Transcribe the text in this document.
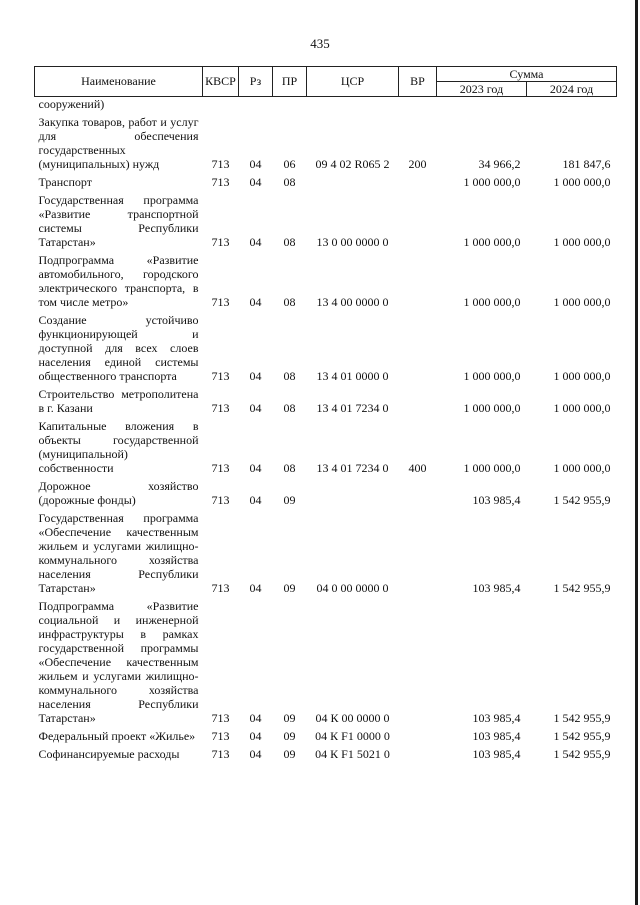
435
Наименование	КВСР	Рз	ПР	ЦСР	ВР	Сумма	
						2023 год	2024 год
сооружений)							
Закупка товаров, работ и услуг для обеспечения государственных (муниципальных) нужд	713	04	06	09 4 02 R065 2	200	34 966,2	181 847,6
Транспорт	713	04	08			1 000 000,0	1 000 000,0
Государственная программа «Развитие транспортной системы Республики Татарстан»	713	04	08	13 0 00 0000 0		1 000 000,0	1 000 000,0
Подпрограмма «Развитие автомобильного, городского электрического транспорта, в том числе метро»	713	04	08	13 4 00 0000 0		1 000 000,0	1 000 000,0
Создание устойчиво функционирующей и доступной для всех слоев населения единой системы общественного транспорта	713	04	08	13 4 01 0000 0		1 000 000,0	1 000 000,0
Строительство метрополитена в г. Казани	713	04	08	13 4 01 7234 0		1 000 000,0	1 000 000,0
Капитальные вложения в объекты государственной (муниципальной) собственности	713	04	08	13 4 01 7234 0	400	1 000 000,0	1 000 000,0
Дорожное хозяйство (дорожные фонды)	713	04	09			103 985,4	1 542 955,9
Государственная программа «Обеспечение качественным жильем и услугами жилищно-коммунального хозяйства населения Республики Татарстан»	713	04	09	04 0 00 0000 0		103 985,4	1 542 955,9
Подпрограмма «Развитие социальной и инженерной инфраструктуры в рамках государственной программы «Обеспечение качественным жильем и услугами жилищно-коммунального хозяйства населения Республики Татарстан»	713	04	09	04 К 00 0000 0		103 985,4	1 542 955,9
Федеральный проект «Жилье»	713	04	09	04 К F1 0000 0		103 985,4	1 542 955,9
Софинансируемые расходы	713	04	09	04 К F1 5021 0		103 985,4	1 542 955,9
